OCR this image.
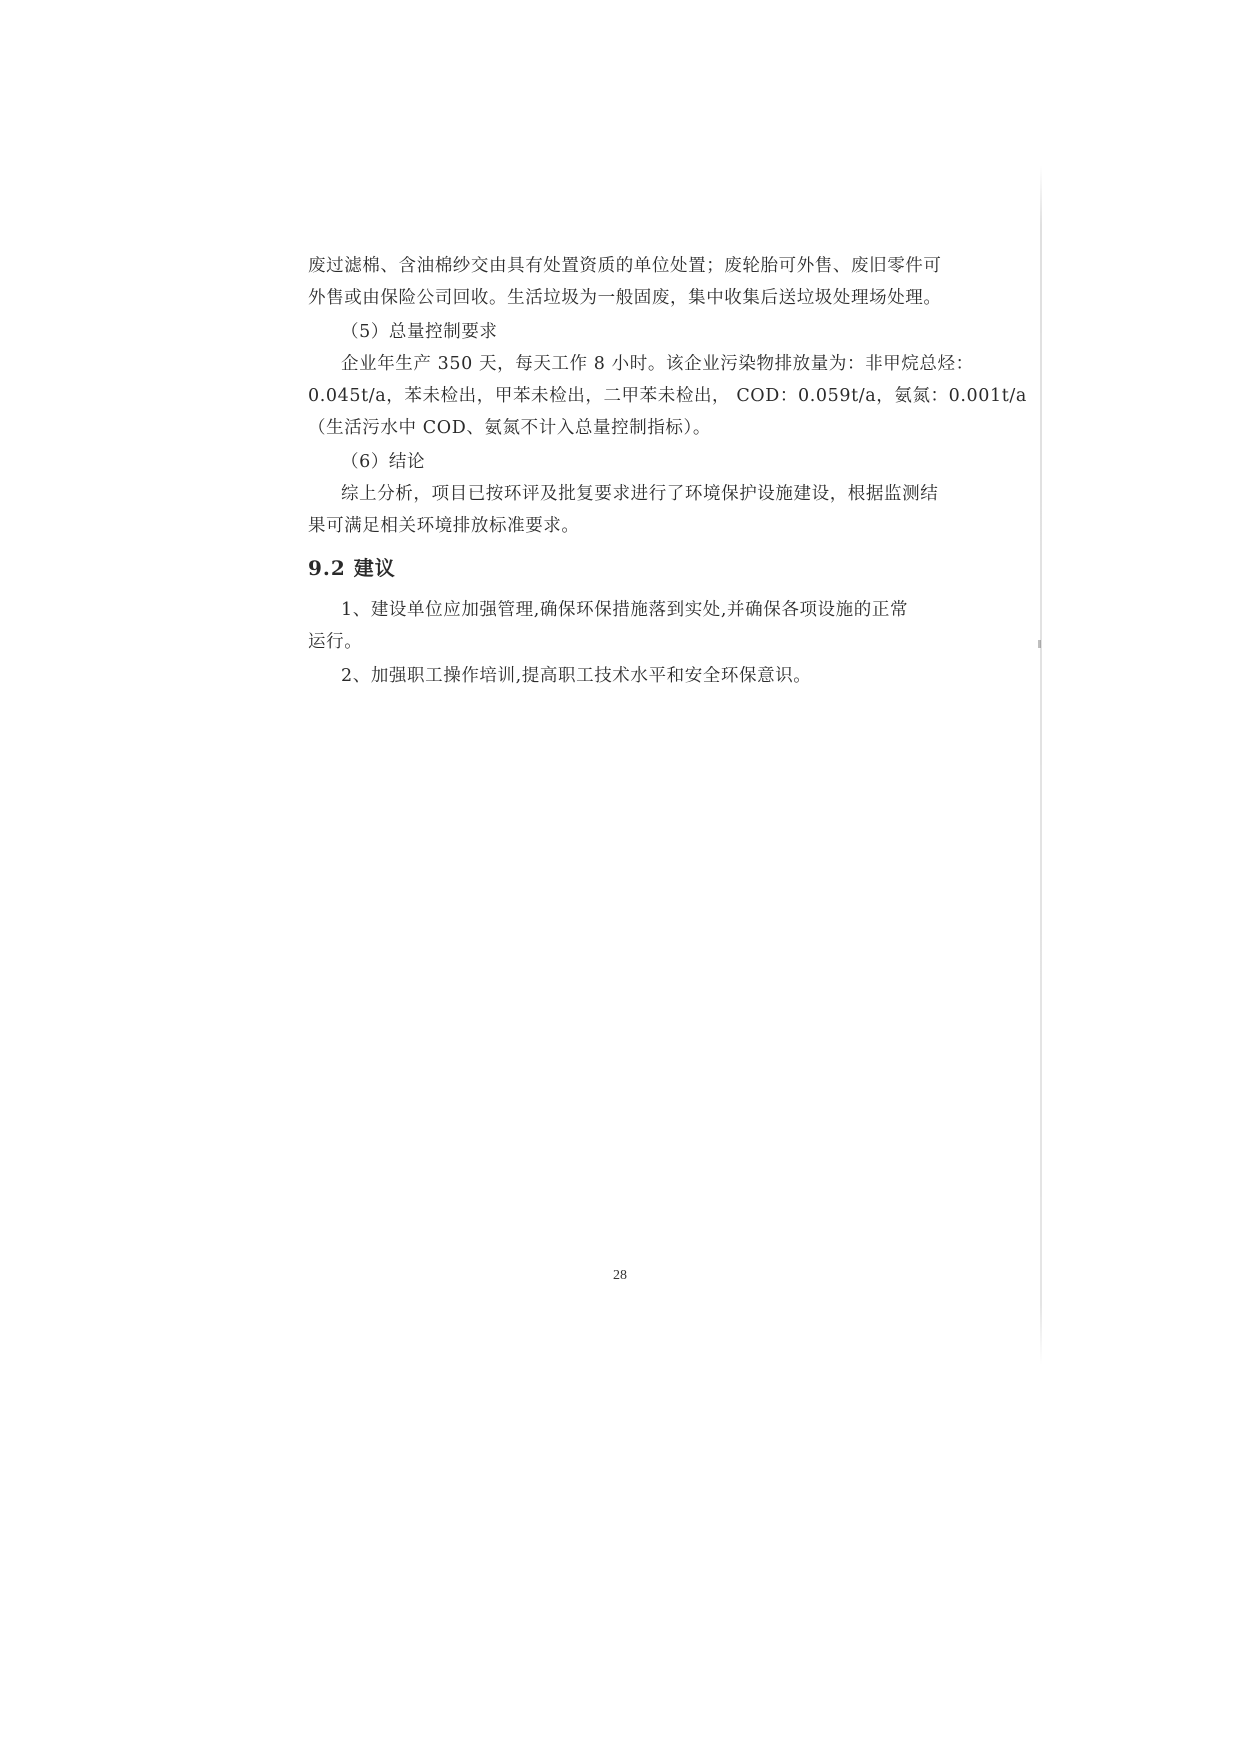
废过滤棉、含油棉纱交由具有处置资质的单位处置；废轮胎可外售、废旧零件可

外售或由保险公司回收。生活垃圾为一般固废，集中收集后送垃圾处理场处理。

（5）总量控制要求

企业年生产 350 天，每天工作 8 小时。该企业污染物排放量为：非甲烷总烃：

0.045t/a，苯未检出，甲苯未检出，二甲苯未检出， COD：0.059t/a，氨氮：0.001t/a

（生活污水中 COD、氨氮不计入总量控制指标）。

（6）结论

综上分析，项目已按环评及批复要求进行了环境保护设施建设，根据监测结

果可满足相关环境排放标准要求。

9.2 建议

1、建设单位应加强管理,确保环保措施落到实处,并确保各项设施的正常

运行。

2、加强职工操作培训,提高职工技术水平和安全环保意识。

28
